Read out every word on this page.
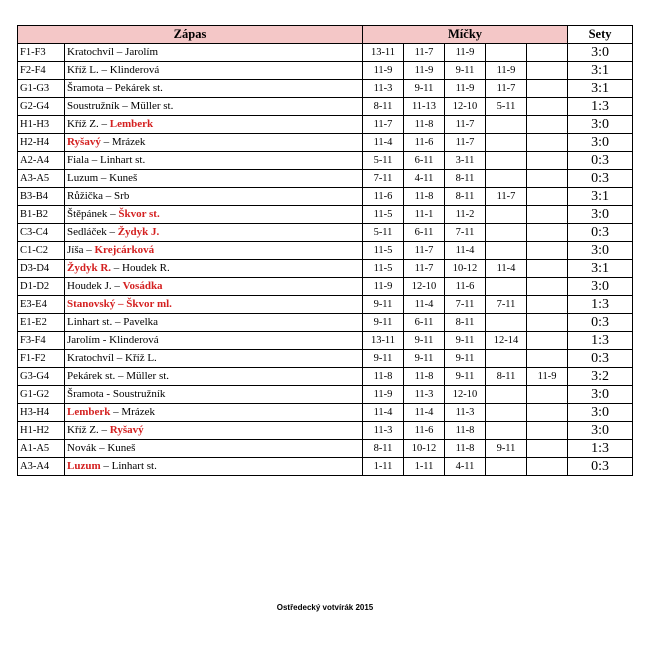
Zápas		Míčky					Sety
F1-F3	Kratochvíl – Jarolím	13-11	11-7	11-9			3:0
F2-F4	Kříž L. – Klinderová	11-9	11-9	9-11	11-9		3:1
G1-G3	Šramota – Pekárek st.	11-3	9-11	11-9	11-7		3:1
G2-G4	Soustružník – Müller st.	8-11	11-13	12-10	5-11		1:3
H1-H3	Kříž Z. – Lemberk	11-7	11-8	11-7			3:0
H2-H4	Ryšavý – Mrázek	11-4	11-6	11-7			3:0
A2-A4	Fiala – Linhart st.	5-11	6-11	3-11			0:3
A3-A5	Luzum – Kuneš	7-11	4-11	8-11			0:3
B3-B4	Růžička – Srb	11-6	11-8	8-11	11-7		3:1
B1-B2	Štěpánek – Škvor st.	11-5	11-1	11-2			3:0
C3-C4	Sedláček – Žydyk J.	5-11	6-11	7-11			0:3
C1-C2	Jíša – Krejcárková	11-5	11-7	11-4			3:0
D3-D4	Žydyk R. – Houdek R.	11-5	11-7	10-12	11-4		3:1
D1-D2	Houdek J. – Vosádka	11-9	12-10	11-6			3:0
E3-E4	Stanovský – Škvor ml.	9-11	11-4	7-11	7-11		1:3
E1-E2	Linhart st. – Pavelka	9-11	6-11	8-11			0:3
F3-F4	Jarolím - Klinderová	13-11	9-11	9-11	12-14		1:3
F1-F2	Kratochvíl – Kříž L.	9-11	9-11	9-11			0:3
G3-G4	Pekárek st. – Müller st.	11-8	11-8	9-11	8-11	11-9	3:2
G1-G2	Šramota - Soustružník	11-9	11-3	12-10			3:0
H3-H4	Lemberk – Mrázek	11-4	11-4	11-3			3:0
H1-H2	Kříž Z. – Ryšavý	11-3	11-6	11-8			3:0
A1-A5	Novák – Kuneš	8-11	10-12	11-8	9-11		1:3
A3-A4	Luzum – Linhart st.	1-11	1-11	4-11			0:3
Ostředecký votvírák 2015
